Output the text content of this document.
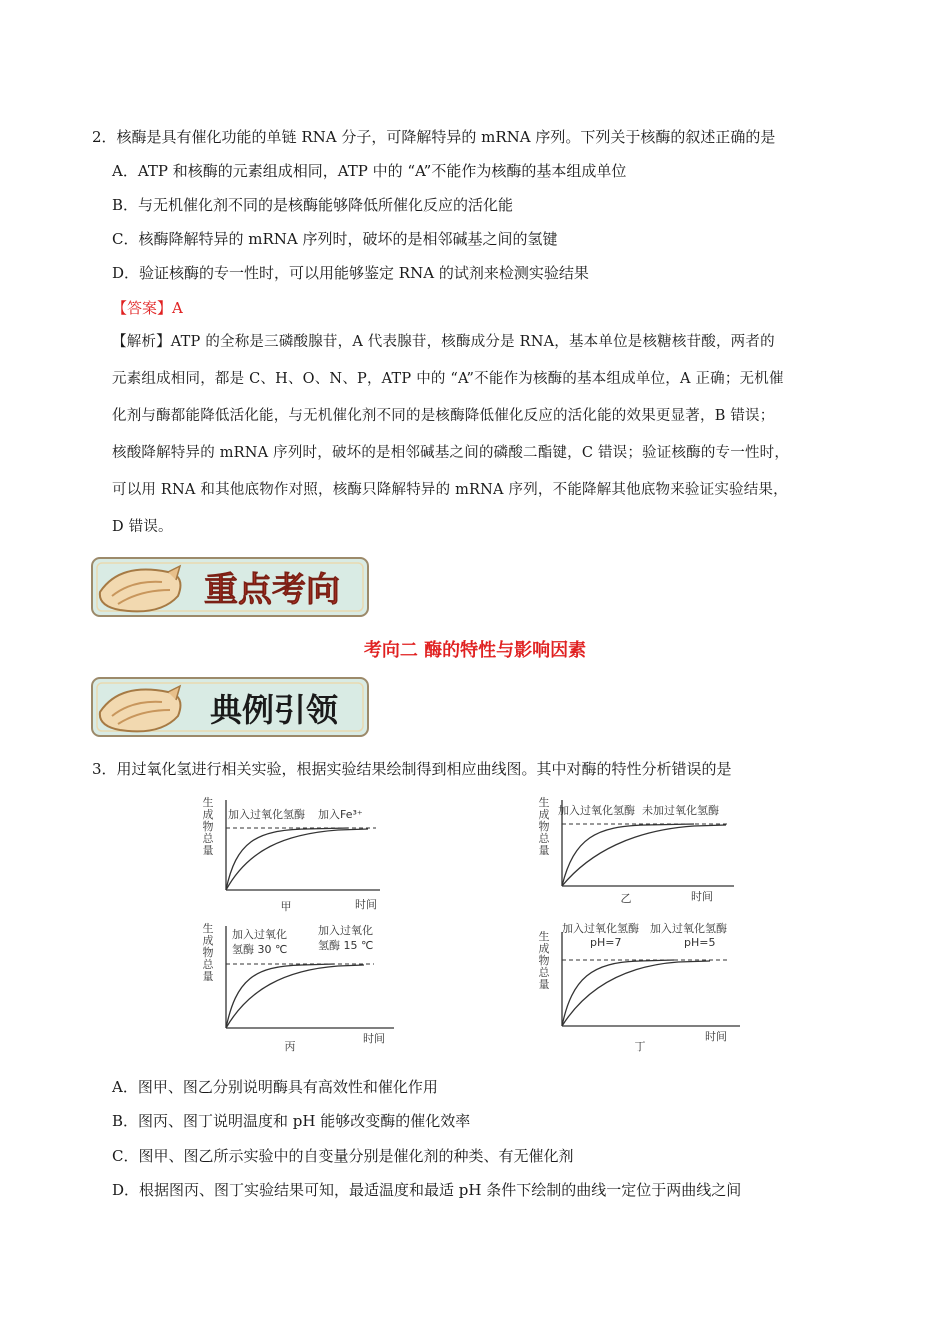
2．核酶是具有催化功能的单链 RNA 分子，可降解特异的 mRNA 序列。下列关于核酶的叙述正确的是
A．ATP 和核酶的元素组成相同，ATP 中的 “A”不能作为核酶的基本组成单位
B．与无机催化剂不同的是核酶能够降低所催化反应的活化能
C．核酶降解特异的 mRNA 序列时，破坏的是相邻碱基之间的氢键
D．验证核酶的专一性时，可以用能够鉴定 RNA 的试剂来检测实验结果
【答案】A
【解析】ATP 的全称是三磷酸腺苷，A 代表腺苷，核酶成分是 RNA，基本单位是核糖核苷酸，两者的
元素组成相同，都是 C、H、O、N、P，ATP 中的 “A”不能作为核酶的基本组成单位，A 正确；无机催
化剂与酶都能降低活化能，与无机催化剂不同的是核酶降低催化反应的活化能的效果更显著，B 错误；
核酸降解特异的 mRNA 序列时，破坏的是相邻碱基之间的磷酸二酯键，C 错误；验证核酶的专一性时，
可以用 RNA 和其他底物作对照，核酶只降解特异的 mRNA 序列，不能降解其他底物来验证实验结果，
D 错误。
重点考向
考向二 酶的特性与影响因素
典例引领
3．用过氧化氢进行相关实验，根据实验结果绘制得到相应曲线图。其中对酶的特性分析错误的是
生
成
物
总
量
加入过氧化氢酶 加入Fe³⁺
甲	时间
生
成
物
总
量
加入过氧化氢酶 未加过氧化氢酶
乙	时间
生
成
物
总
量
加入过氧化
氢酶 30 ℃
加入过氧化
氢酶 15 ℃
丙
时间
生
成
物
总
量
加入过氧化氢酶
pH=7
加入过氧化氢酶
pH=5
丁
时间
A．图甲、图乙分别说明酶具有高效性和催化作用
B．图丙、图丁说明温度和 pH 能够改变酶的催化效率
C．图甲、图乙所示实验中的自变量分别是催化剂的种类、有无催化剂
D．根据图丙、图丁实验结果可知，最适温度和最适 pH 条件下绘制的曲线一定位于两曲线之间
